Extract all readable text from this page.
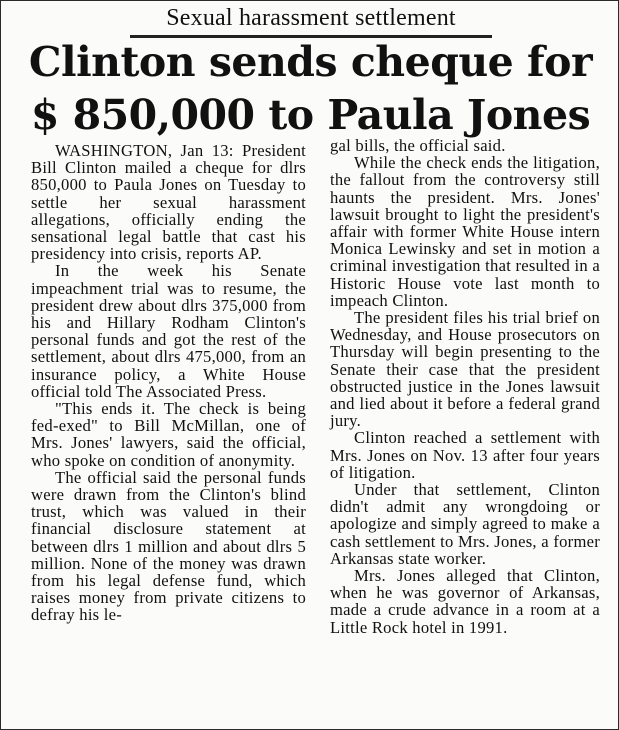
Sexual harassment settlement
Clinton sends cheque for
$ 850,000 to Paula Jones

WASHINGTON, Jan 13: President Bill Clinton mailed a cheque for dlrs 850,000 to Paula Jones on Tuesday to settle her sexual harassment allegations, officially ending the sensational legal battle that cast his presidency into crisis, reports AP.

In the week his Senate impeachment trial was to resume, the president drew about dlrs 375,000 from his and Hillary Rodham Clinton's personal funds and got the rest of the settlement, about dlrs 475,000, from an insurance policy, a White House official told The Associated Press.

"This ends it. The check is being fed-exed" to Bill McMillan, one of Mrs. Jones' lawyers, said the official, who spoke on condition of anonymity.

The official said the personal funds were drawn from the Clinton's blind trust, which was valued in their financial disclosure statement at between dlrs 1 million and about dlrs 5 million. None of the money was drawn from his legal defense fund, which raises money from private citizens to defray his le-

gal bills, the official said.

While the check ends the litigation, the fallout from the controversy still haunts the president. Mrs. Jones' lawsuit brought to light the president's affair with former White House intern Monica Lewinsky and set in motion a criminal investigation that resulted in a Historic House vote last month to impeach Clinton.

The president files his trial brief on Wednesday, and House prosecutors on Thursday will begin presenting to the Senate their case that the president obstructed justice in the Jones lawsuit and lied about it before a federal grand jury.

Clinton reached a settlement with Mrs. Jones on Nov. 13 after four years of litigation.

Under that settlement, Clinton didn't admit any wrongdoing or apologize and simply agreed to make a cash settlement to Mrs. Jones, a former Arkansas state worker.

Mrs. Jones alleged that Clinton, when he was governor of Arkansas, made a crude advance in a room at a Little Rock hotel in 1991.
